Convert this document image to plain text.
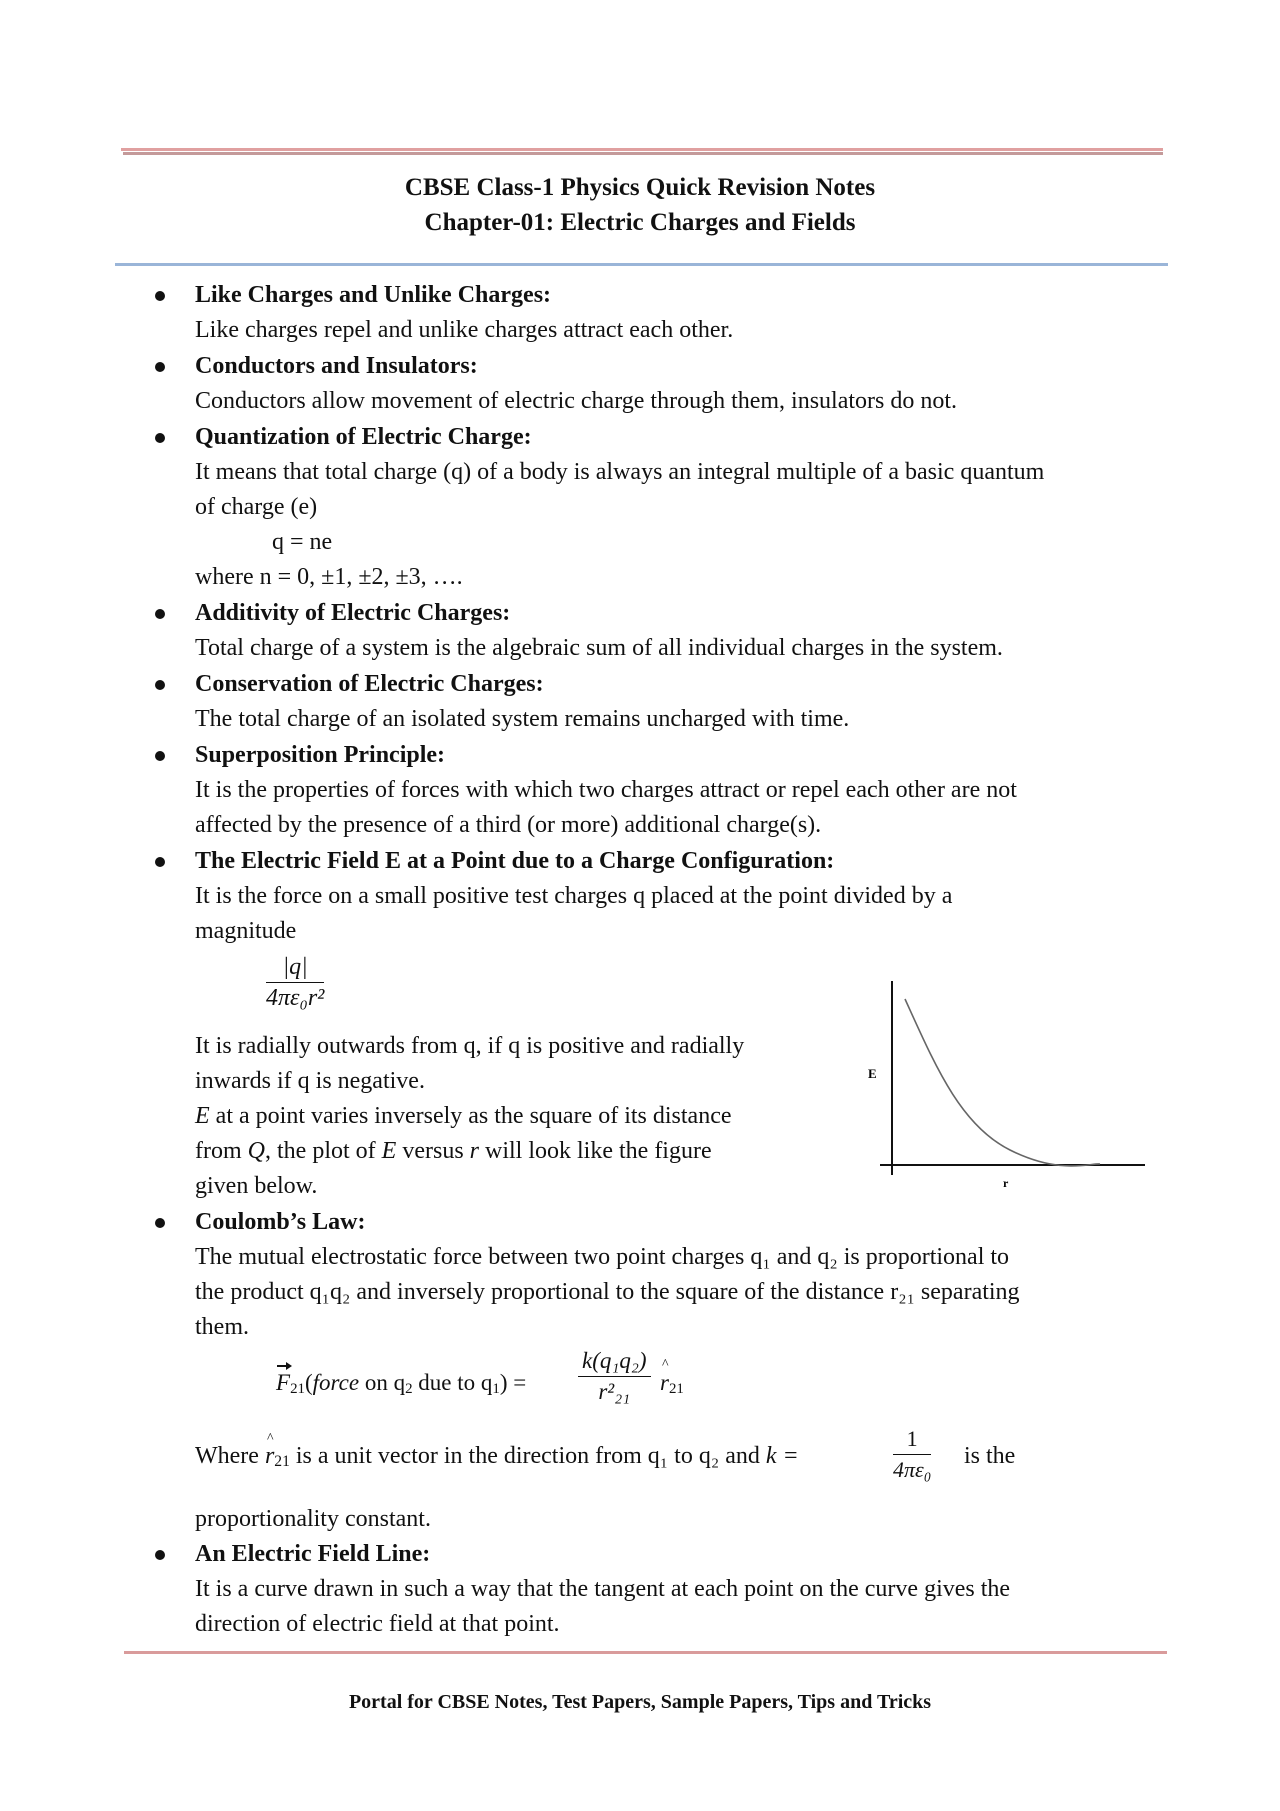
CBSE Class-1 Physics Quick Revision Notes
Chapter-01: Electric Charges and Fields
Like Charges and Unlike Charges:
Like charges repel and unlike charges attract each other.
Conductors and Insulators:
Conductors allow movement of electric charge through them, insulators do not.
Quantization of Electric Charge:
It means that total charge (q) of a body is always an integral multiple of a basic quantum
of charge (e)
q = ne
where n = 0, ±1, ±2, ±3, ….
Additivity of Electric Charges:
Total charge of a system is the algebraic sum of all individual charges in the system.
Conservation of Electric Charges:
The total charge of an isolated system remains uncharged with time.
Superposition Principle:
It is the properties of forces with which two charges attract or repel each other are not
affected by the presence of a third (or more) additional charge(s).
The Electric Field E at a Point due to a Charge Configuration:
It is the force on a small positive test charges q placed at the point divided by a
magnitude
$\frac{|q|}{\text{4πε₀r²}}$
It is radially outwards from q, if q is positive and radially
inwards if q is negative.
E at a point varies inversely as the square of its distance
from Q, the plot of E versus r will look like the figure
given below.
E
r
Coulomb’s Law:
The mutual electrostatic force between two point charges q₁ and q₂ is proportional to
the product q₁q₂ and inversely proportional to the square of the distance r₂₁ separating
them.
$F_{21}(force$ on $q_2$ due to $q_1) = \frac{\text{k(q₁q₂)}}{\text{r²₂₁}}$ ^ $r_{21}$
Where ^ $r_{21}$ is a unit vector in the direction from q₁ to q₂ and k =	$\frac{1}{\text{4πε₀}}$ is the
proportionality constant.
An Electric Field Line:
It is a curve drawn in such a way that the tangent at each point on the curve gives the
direction of electric field at that point.
Portal for CBSE Notes, Test Papers, Sample Papers, Tips and Tricks
